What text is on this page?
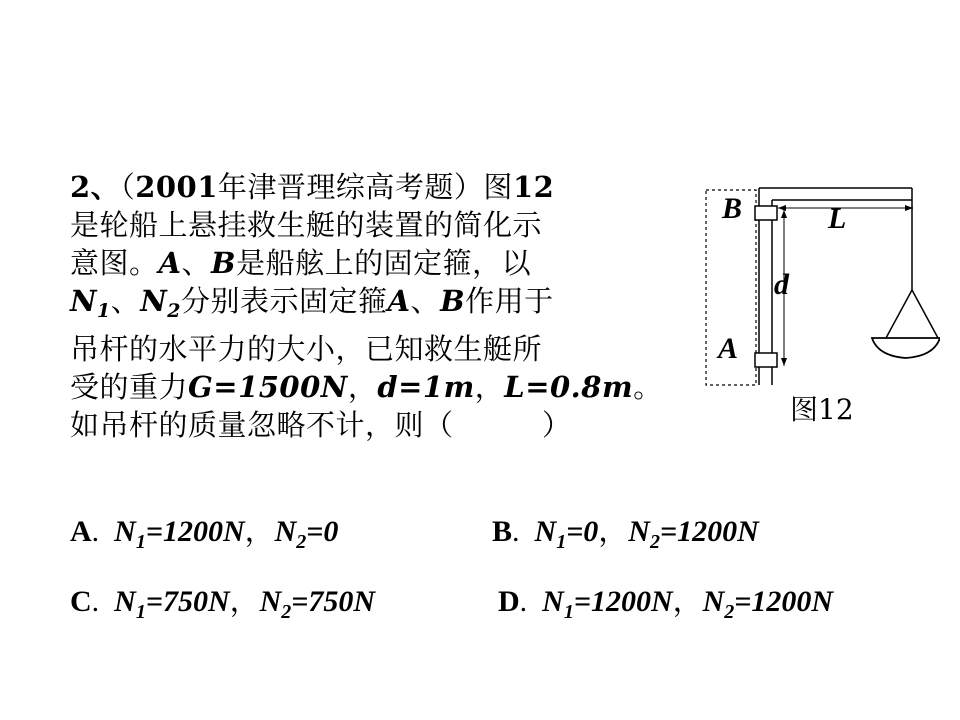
2、（2001年津晋理综高考题）图12
是轮船上悬挂救生艇的装置的简化示
意图。A、B是船舷上的固定箍，以
$N_1$、$N_2$分别表示固定箍A、B作用于
吊杆的水平力的大小，已知救生艇所
受的重力G=1500N，d=1m，L=0.8m。
如吊杆的质量忽略不计，则（　　　）
B	L
d
A
图12
A. $N_1=1200N$，$N_2=0$	B. $N_1=0$，$N_2=1200N$
C. $N_1=750N$，$N_2=750N$	D. $N_1=1200N$，$N_2=1200N$
